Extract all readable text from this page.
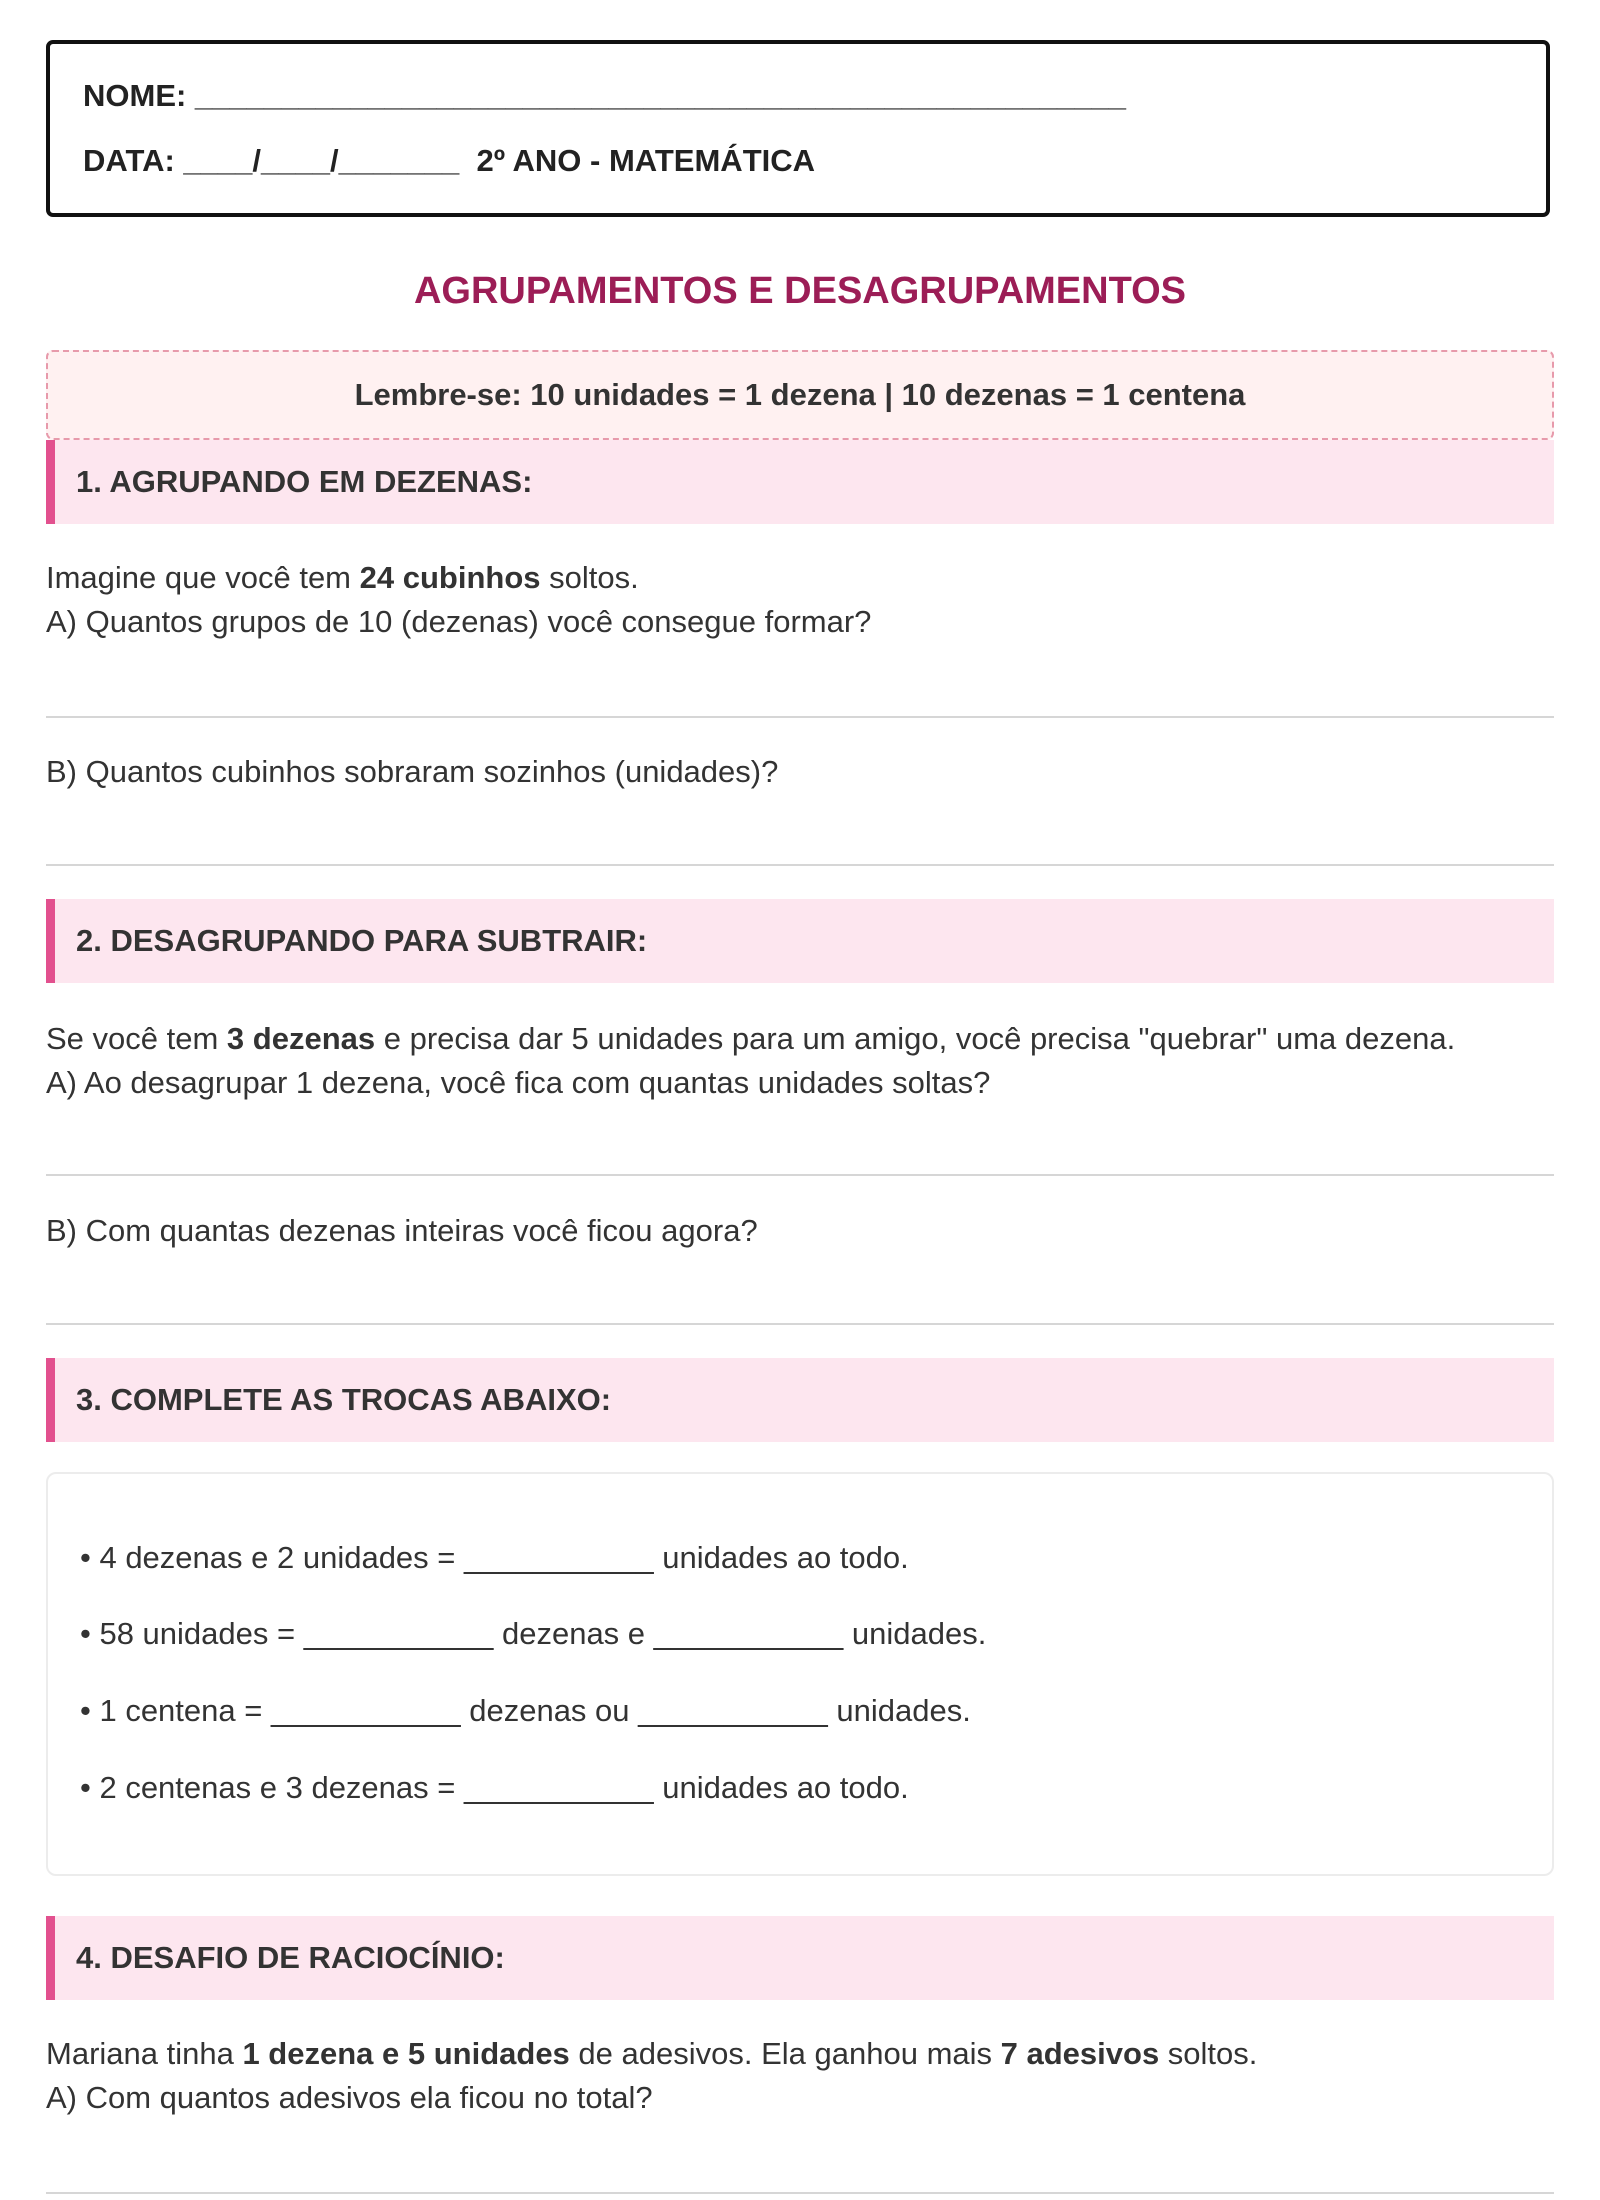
NOME: ______________________________________________________
DATA: ____/____/_______  2º ANO - MATEMÁTICA
AGRUPAMENTOS E DESAGRUPAMENTOS
Lembre-se: 10 unidades = 1 dezena | 10 dezenas = 1 centena
1. AGRUPANDO EM DEZENAS:
Imagine que você tem 24 cubinhos soltos.
A) Quantos grupos de 10 (dezenas) você consegue formar?
B) Quantos cubinhos sobraram sozinhos (unidades)?
2. DESAGRUPANDO PARA SUBTRAIR:
Se você tem 3 dezenas e precisa dar 5 unidades para um amigo, você precisa "quebrar" uma dezena.
A) Ao desagrupar 1 dezena, você fica com quantas unidades soltas?
B) Com quantas dezenas inteiras você ficou agora?
3. COMPLETE AS TROCAS ABAIXO:
• 4 dezenas e 2 unidades = ___________ unidades ao todo.
• 58 unidades = ___________ dezenas e ___________ unidades.
• 1 centena = ___________ dezenas ou ___________ unidades.
• 2 centenas e 3 dezenas = ___________ unidades ao todo.
4. DESAFIO DE RACIOCÍNIO:
Mariana tinha 1 dezena e 5 unidades de adesivos. Ela ganhou mais 7 adesivos soltos.
A) Com quantos adesivos ela ficou no total?
